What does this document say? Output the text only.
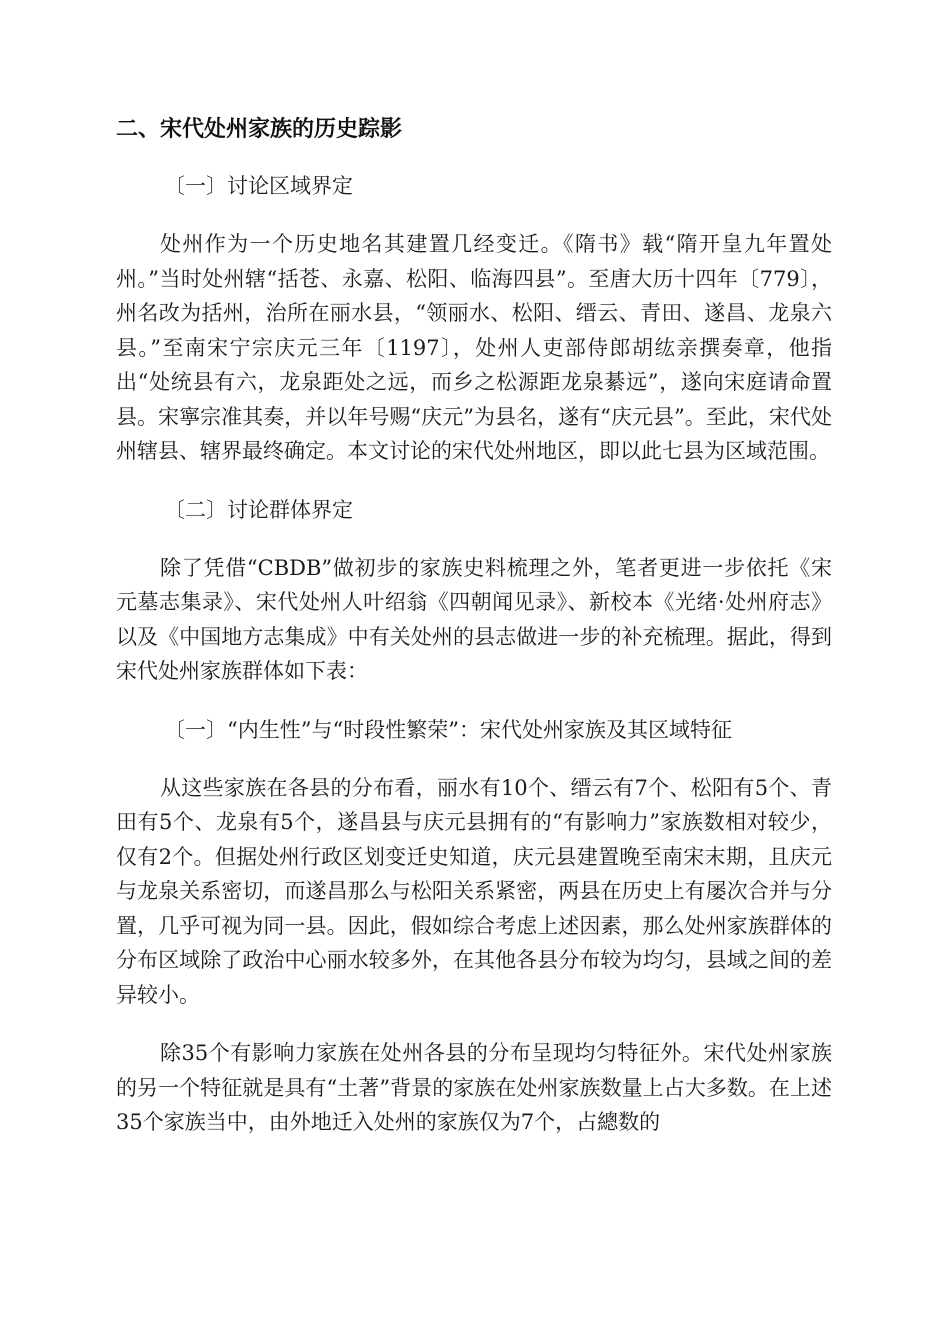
二、宋代处州家族的历史踪影
〔一〕讨论区域界定

处州作为一个历史地名其建置几经变迁。《隋书》载“隋开皇九年置处州。”当时处州辖“括苍、永嘉、松阳、临海四县”。至唐大历十四年〔779〕，州名改为括州，治所在丽水县，“领丽水、松阳、缙云、青田、遂昌、龙泉六县。”至南宋宁宗庆元三年〔1197〕，处州人吏部侍郎胡纮亲撰奏章，他指出“处统县有六，龙泉距处之远，而乡之松源距龙泉綦远”，遂向宋庭请命置县。宋寧宗准其奏，并以年号赐“庆元”为县名，遂有“庆元县”。至此，宋代处州辖县、辖界最终确定。本文讨论的宋代处州地区，即以此七县为区域范围。

〔二〕讨论群体界定

除了凭借“CBDB”做初步的家族史料梳理之外，笔者更进一步依托《宋元墓志集录》、宋代处州人叶绍翁《四朝闻见录》、新校本《光绪·处州府志》以及《中国地方志集成》中有关处州的县志做进一步的补充梳理。据此，得到宋代处州家族群体如下表：

〔一〕“内生性”与“时段性繁荣”：宋代处州家族及其区域特征

从这些家族在各县的分布看，丽水有10个、缙云有7个、松阳有5个、青田有5个、龙泉有5个，遂昌县与庆元县拥有的“有影响力”家族数相对较少，仅有2个。但据处州行政区划变迁史知道，庆元县建置晚至南宋末期，且庆元与龙泉关系密切，而遂昌那么与松阳关系紧密，两县在历史上有屡次合并与分置，几乎可视为同一县。因此，假如综合考虑上述因素，那么处州家族群体的分布区域除了政治中心丽水较多外，在其他各县分布较为均匀，县域之间的差异较小。

除35个有影响力家族在处州各县的分布呈现均匀特征外。宋代处州家族的另一个特征就是具有“土著”背景的家族在处州家族数量上占大多数。在上述35个家族当中，由外地迁入处州的家族仅为7个，占總数的
